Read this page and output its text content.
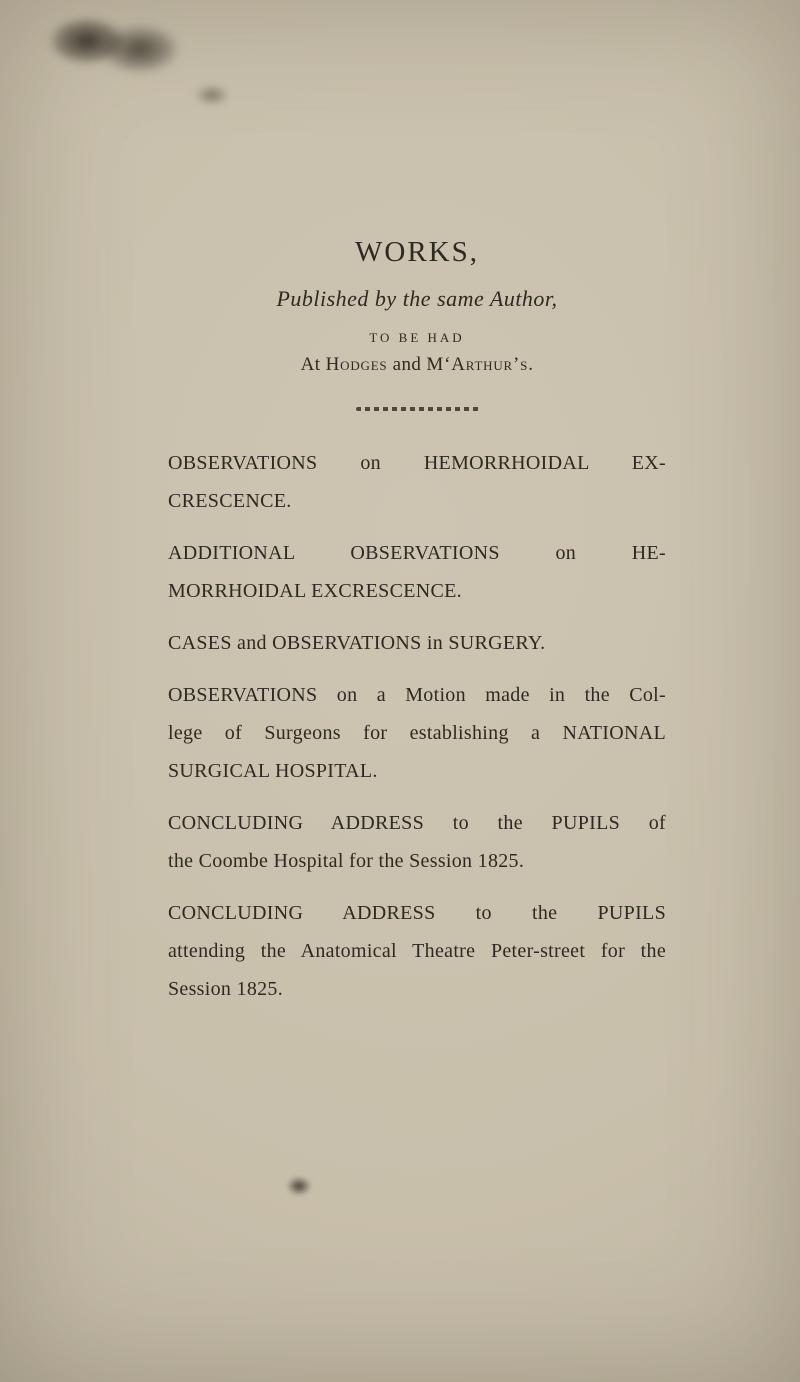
WORKS,
Published by the same Author,
TO BE HAD
At Hodges and M‘Arthur’s.
OBSERVATIONS on HEMORRHOIDAL EX-
CRESCENCE.
ADDITIONAL OBSERVATIONS on HE-
MORRHOIDAL EXCRESCENCE.
CASES and OBSERVATIONS in SURGERY.
OBSERVATIONS on a Motion made in the Col-
lege of Surgeons for establishing a NATIONAL
SURGICAL HOSPITAL.
CONCLUDING ADDRESS to the PUPILS of
the Coombe Hospital for the Session 1825.
CONCLUDING ADDRESS to the PUPILS
attending the Anatomical Theatre Peter-street for the
Session 1825.
